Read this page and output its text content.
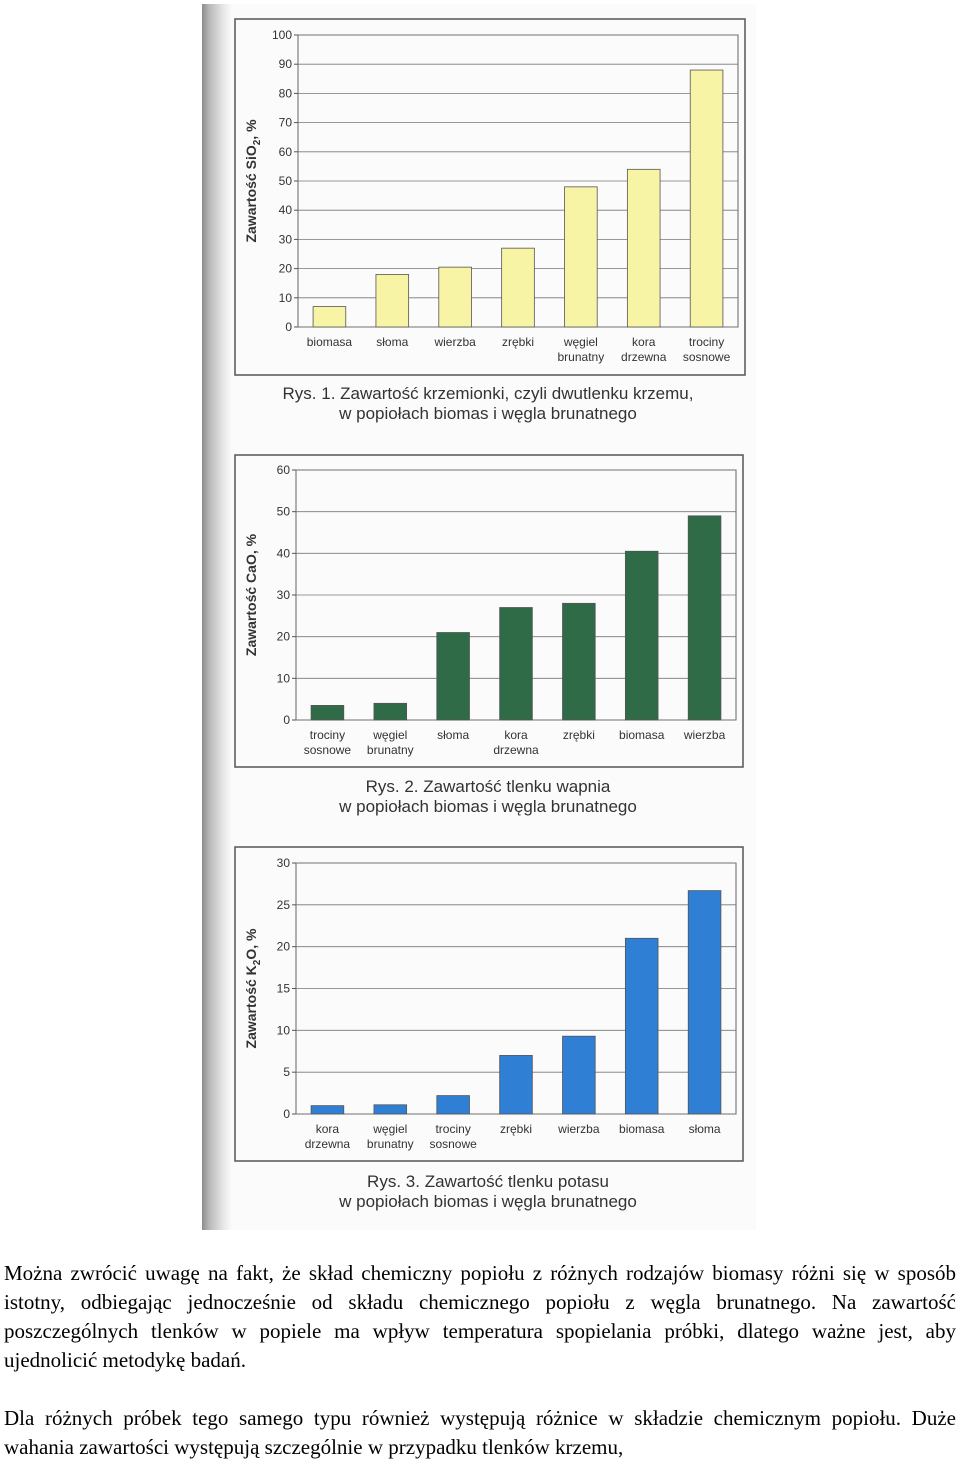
0
10
20
30
40
50
60
70
80
90
100
biomasa słoma wierzba zrębki węgiel
brunatny
kora
drzewna
trociny
sosnowe
Zawartość SiO$_2$, %
Rys. 1. Zawartość krzemionki, czyli dwutlenku krzemu,
w popiołach biomas i węgla brunatnego
0
10
20
30
40
50
60
trociny
sosnowe
węgiel
brunatny
słoma	kora
drzewna
zrębki biomasa wierzba
Zawartość CaO, %
Rys. 2. Zawartość tlenku wapnia
w popiołach biomas i węgla brunatnego
0
5
10
15
20
25
30
kora
drzewna
węgiel
brunatny
trociny
sosnowe
zrębki wierzba biomasa słoma
Zawartość $K_2O$, %
Rys. 3. Zawartość tlenku potasu
w popiołach biomas i węgla brunatnego

Można zwrócić uwagę na fakt, że skład chemiczny popiołu z różnych rodzajów biomasy różni się w sposób istotny, odbiegając jednocześnie od składu chemicznego popiołu z węgla brunatnego. Na zawartość poszczególnych tlenków w popiele ma wpływ temperatura spopielania próbki, dlatego ważne jest, aby ujednolicić metodykę badań.

Dla różnych próbek tego samego typu również występują różnice w składzie chemicznym popiołu. Duże wahania zawartości występują szczególnie w przypadku tlenków krzemu,
